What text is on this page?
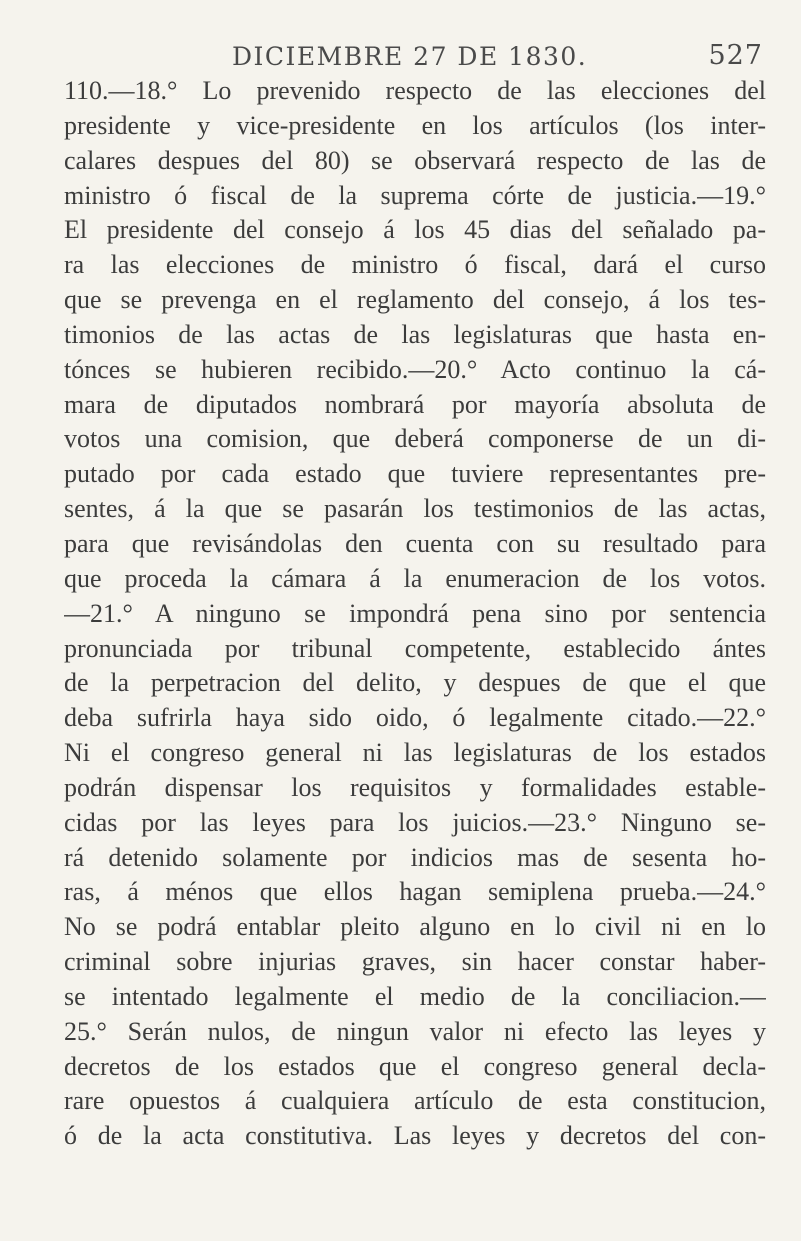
DICIEMBRE 27 DE 1830.	527
110.—18.° Lo prevenido respecto de las elecciones del
presidente y vice-presidente en los artículos (los inter-
calares despues del 80) se observará respecto de las de
ministro ó fiscal de la suprema córte de justicia.—19.°
El presidente del consejo á los 45 dias del señalado pa-
ra las elecciones de ministro ó fiscal, dará el curso
que se prevenga en el reglamento del consejo, á los tes-
timonios de las actas de las legislaturas que hasta en-
tónces se hubieren recibido.—20.° Acto continuo la cá-
mara de diputados nombrará por mayoría absoluta de
votos una comision, que deberá componerse de un di-
putado por cada estado que tuviere representantes pre-
sentes, á la que se pasarán los testimonios de las actas,
para que revisándolas den cuenta con su resultado para
que proceda la cámara á la enumeracion de los votos.
—21.° A ninguno se impondrá pena sino por sentencia
pronunciada por tribunal competente, establecido ántes
de la perpetracion del delito, y despues de que el que
deba sufrirla haya sido oido, ó legalmente citado.—22.°
Ni el congreso general ni las legislaturas de los estados
podrán dispensar los requisitos y formalidades estable-
cidas por las leyes para los juicios.—23.° Ninguno se-
rá detenido solamente por indicios mas de sesenta ho-
ras, á ménos que ellos hagan semiplena prueba.—24.°
No se podrá entablar pleito alguno en lo civil ni en lo
criminal sobre injurias graves, sin hacer constar haber-
se intentado legalmente el medio de la conciliacion.—
25.° Serán nulos, de ningun valor ni efecto las leyes y
decretos de los estados que el congreso general decla-
rare opuestos á cualquiera artículo de esta constitucion,
ó de la acta constitutiva. Las leyes y decretos del con-
